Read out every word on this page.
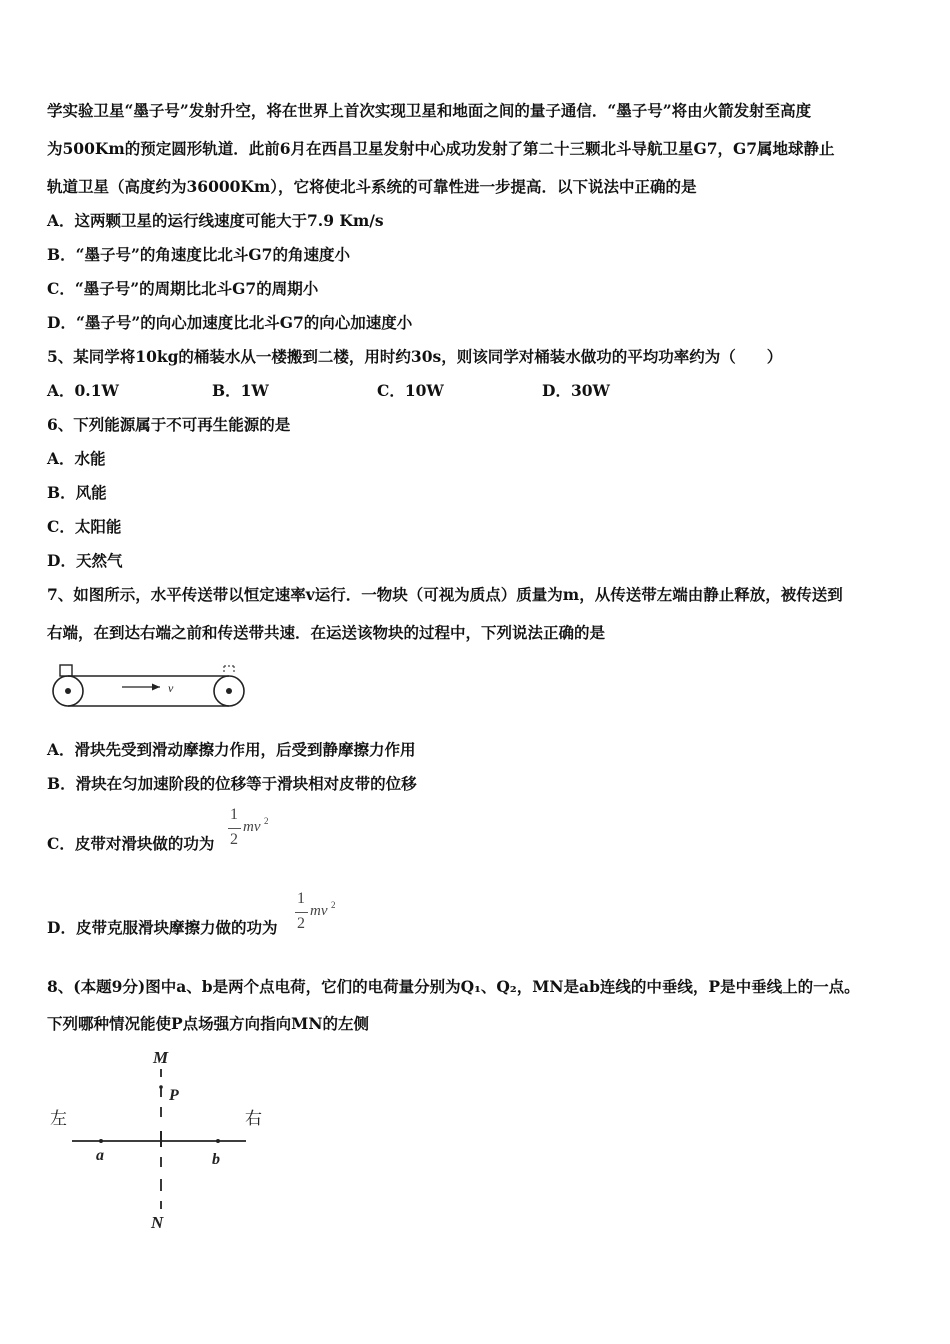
学实验卫星“墨子号”发射升空，将在世界上首次实现卫星和地面之间的量子通信．“墨子号”将由火箭发射至高度
为500Km的预定圆形轨道．此前6月在西昌卫星发射中心成功发射了第二十三颗北斗导航卫星G7，G7属地球静止
轨道卫星（高度约为36000Km），它将使北斗系统的可靠性进一步提高．以下说法中正确的是
A．这两颗卫星的运行线速度可能大于7.9 Km/s
B．“墨子号”的角速度比北斗G7的角速度小
C．“墨子号”的周期比北斗G7的周期小
D．“墨子号”的向心加速度比北斗G7的向心加速度小
5、某同学将10kg的桶装水从一楼搬到二楼，用时约30s，则该同学对桶装水做功的平均功率约为（　　）
A．0.1W	B．1W	C．10W	D．30W
6、下列能源属于不可再生能源的是
A．水能
B．风能
C．太阳能
D．天然气
7、如图所示，水平传送带以恒定速率v运行．一物块（可视为质点）质量为m，从传送带左端由静止释放，被传送到
右端，在到达右端之前和传送带共速．在运送该物块的过程中，下列说法正确的是
v
A．滑块先受到滑动摩擦力作用，后受到静摩擦力作用
B．滑块在匀加速阶段的位移等于滑块相对皮带的位移
C．皮带对滑块做的功为
1
2
mv 2
D．皮带克服滑块摩擦力做的功为
1
2
mv 2
8、(本题9分)图中a、b是两个点电荷，它们的电荷量分别为Q₁、Q₂，MN是ab连线的中垂线，P是中垂线上的一点。
下列哪种情况能使P点场强方向指向MN的左侧
M
P
左	右
a	b
N
